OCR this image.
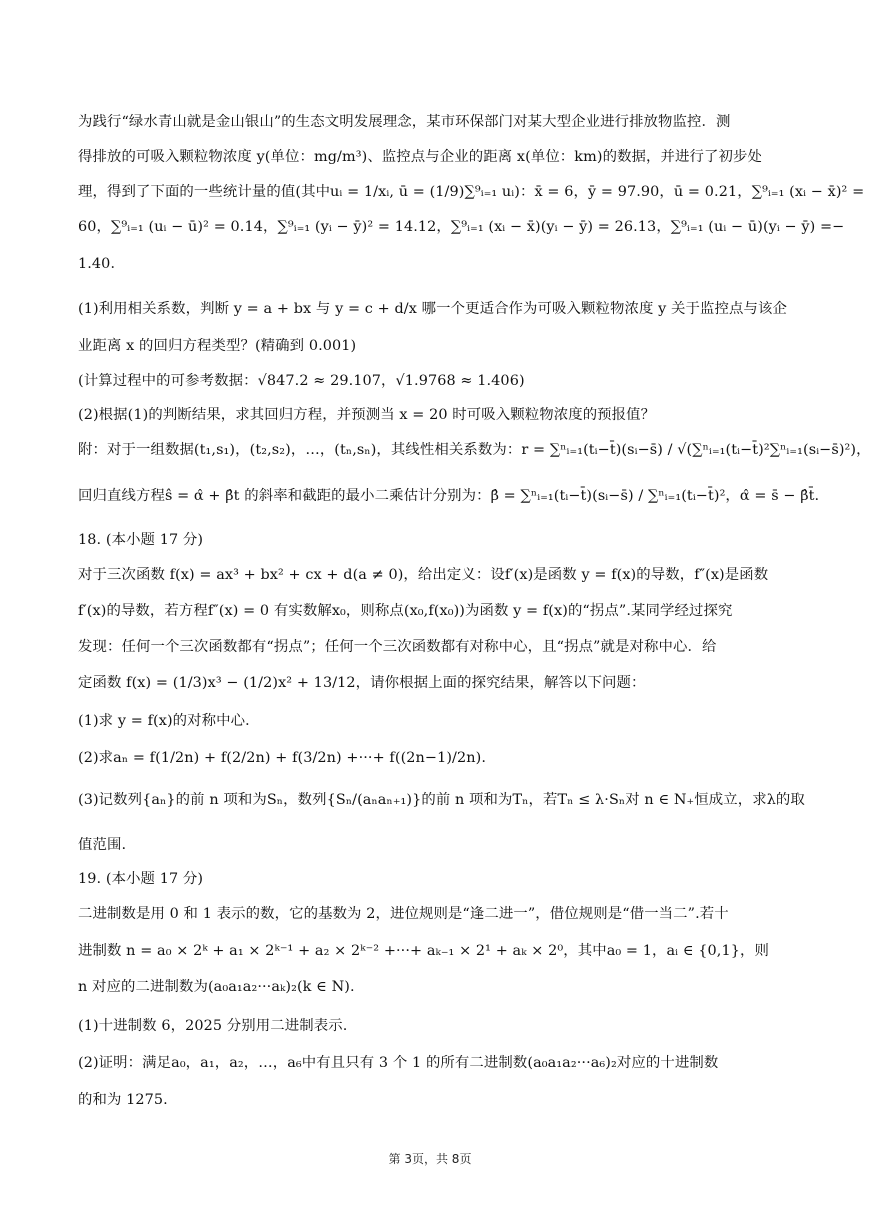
为践行“绿水青山就是金山银山”的生态文明发展理念，某市环保部门对某大型企业进行排放物监控．测
得排放的可吸入颗粒物浓度 y(单位：mg/m³)、监控点与企业的距离 x(单位：km)的数据，并进行了初步处
理，得到了下面的一些统计量的值(其中uᵢ = 1/xᵢ, ū = (1/9)∑⁹ᵢ₌₁ uᵢ)：x̄ = 6，ȳ = 97.90，ū = 0.21，∑⁹ᵢ₌₁ (xᵢ − x̄)² =
60，∑⁹ᵢ₌₁ (uᵢ − ū)² = 0.14，∑⁹ᵢ₌₁ (yᵢ − ȳ)² = 14.12，∑⁹ᵢ₌₁ (xᵢ − x̄)(yᵢ − ȳ) = 26.13，∑⁹ᵢ₌₁ (uᵢ − ū)(yᵢ − ȳ) =−
1.40．
(1)利用相关系数，判断 y = a + bx 与 y = c + d/x 哪一个更适合作为可吸入颗粒物浓度 y 关于监控点与该企
业距离 x 的回归方程类型？(精确到 0.001)
(计算过程中的可参考数据：√847.2 ≈ 29.107，√1.9768 ≈ 1.406)
(2)根据(1)的判断结果，求其回归方程，并预测当 x = 20 时可吸入颗粒物浓度的预报值？
附：对于一组数据(t₁,s₁)，(t₂,s₂)，…，(tₙ,sₙ)，其线性相关系数为：r = ∑ⁿᵢ₌₁(tᵢ−t̄)(sᵢ−s̄) / √(∑ⁿᵢ₌₁(tᵢ−t̄)²∑ⁿᵢ₌₁(sᵢ−s̄)²)，
回归直线方程ŝ = α̂ + β̂t 的斜率和截距的最小二乘估计分别为：β̂ = ∑ⁿᵢ₌₁(tᵢ−t̄)(sᵢ−s̄) / ∑ⁿᵢ₌₁(tᵢ−t̄)²，α̂ = s̄ − β̂t̄.
18. (本小题 17 分)
对于三次函数 f(x) = ax³ + bx² + cx + d(a ≠ 0)，给出定义：设f′(x)是函数 y = f(x)的导数，f″(x)是函数
f′(x)的导数，若方程f″(x) = 0 有实数解x₀，则称点(x₀,f(x₀))为函数 y = f(x)的“拐点”.某同学经过探究
发现：任何一个三次函数都有“拐点”；任何一个三次函数都有对称中心，且“拐点”就是对称中心．给
定函数 f(x) = (1/3)x³ − (1/2)x² + 13/12，请你根据上面的探究结果，解答以下问题：
(1)求 y = f(x)的对称中心．
(2)求aₙ = f(1/2n) + f(2/2n) + f(3/2n) +···+ f((2n−1)/2n).
(3)记数列{aₙ}的前 n 项和为Sₙ，数列{Sₙ/(aₙaₙ₊₁)}的前 n 项和为Tₙ，若Tₙ ≤ λ·Sₙ对 n ∈ N₊恒成立，求λ的取
值范围.
19. (本小题 17 分)
二进制数是用 0 和 1 表示的数，它的基数为 2，进位规则是“逢二进一”，借位规则是“借一当二”.若十
进制数 n = a₀ × 2ᵏ + a₁ × 2ᵏ⁻¹ + a₂ × 2ᵏ⁻² +···+ aₖ₋₁ × 2¹ + aₖ × 2⁰，其中a₀ = 1，aᵢ ∈ {0,1}，则
n 对应的二进制数为(a₀a₁a₂···aₖ)₂(k ∈ N).
(1)十进制数 6，2025 分别用二进制表示.
(2)证明：满足a₀，a₁，a₂，…，a₆中有且只有 3 个 1 的所有二进制数(a₀a₁a₂···a₆)₂对应的十进制数
的和为 1275.
第 3页，共 8页
